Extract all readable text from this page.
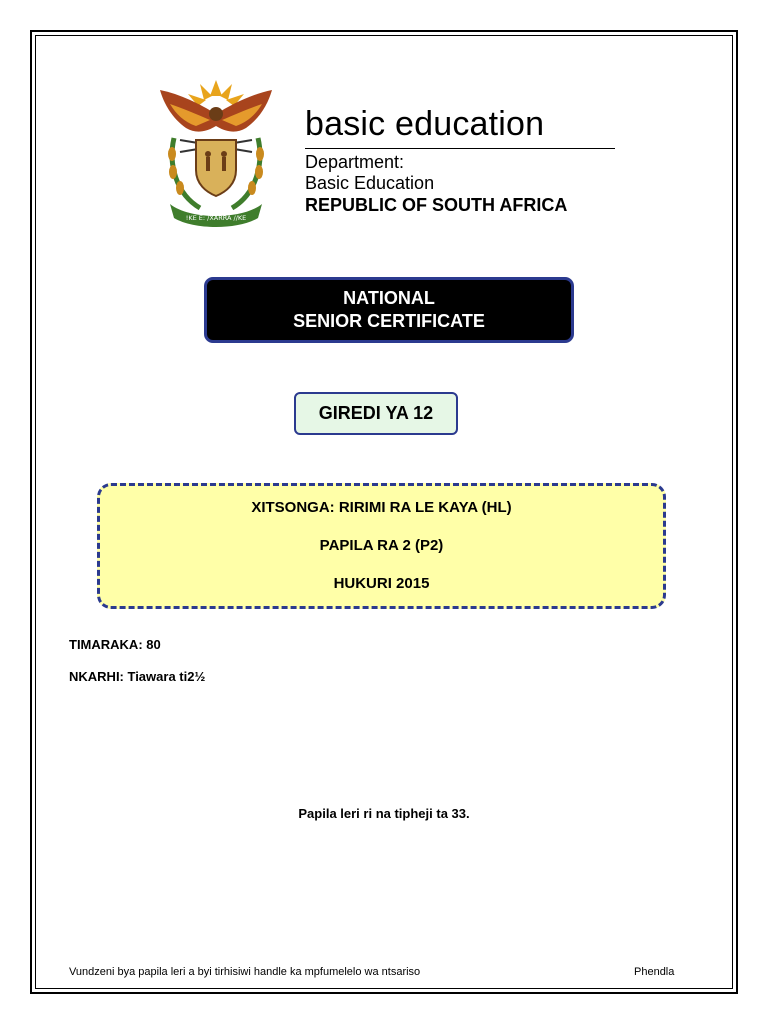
!KE E: /XARRA //KE
basic education
Department:
Basic Education
REPUBLIC OF SOUTH AFRICA
NATIONAL
SENIOR CERTIFICATE
GIREDI YA 12
XITSONGA: RIRIMI RA LE KAYA (HL)
PAPILA RA 2 (P2)
HUKURI 2015
TIMARAKA: 80
NKARHI: Tiawara ti2½
Papila leri ri na tipheji ta 33.
Vundzeni bya papila leri a byi tirhisiwi handle ka mpfumelelo wa ntsariso	Phendla
